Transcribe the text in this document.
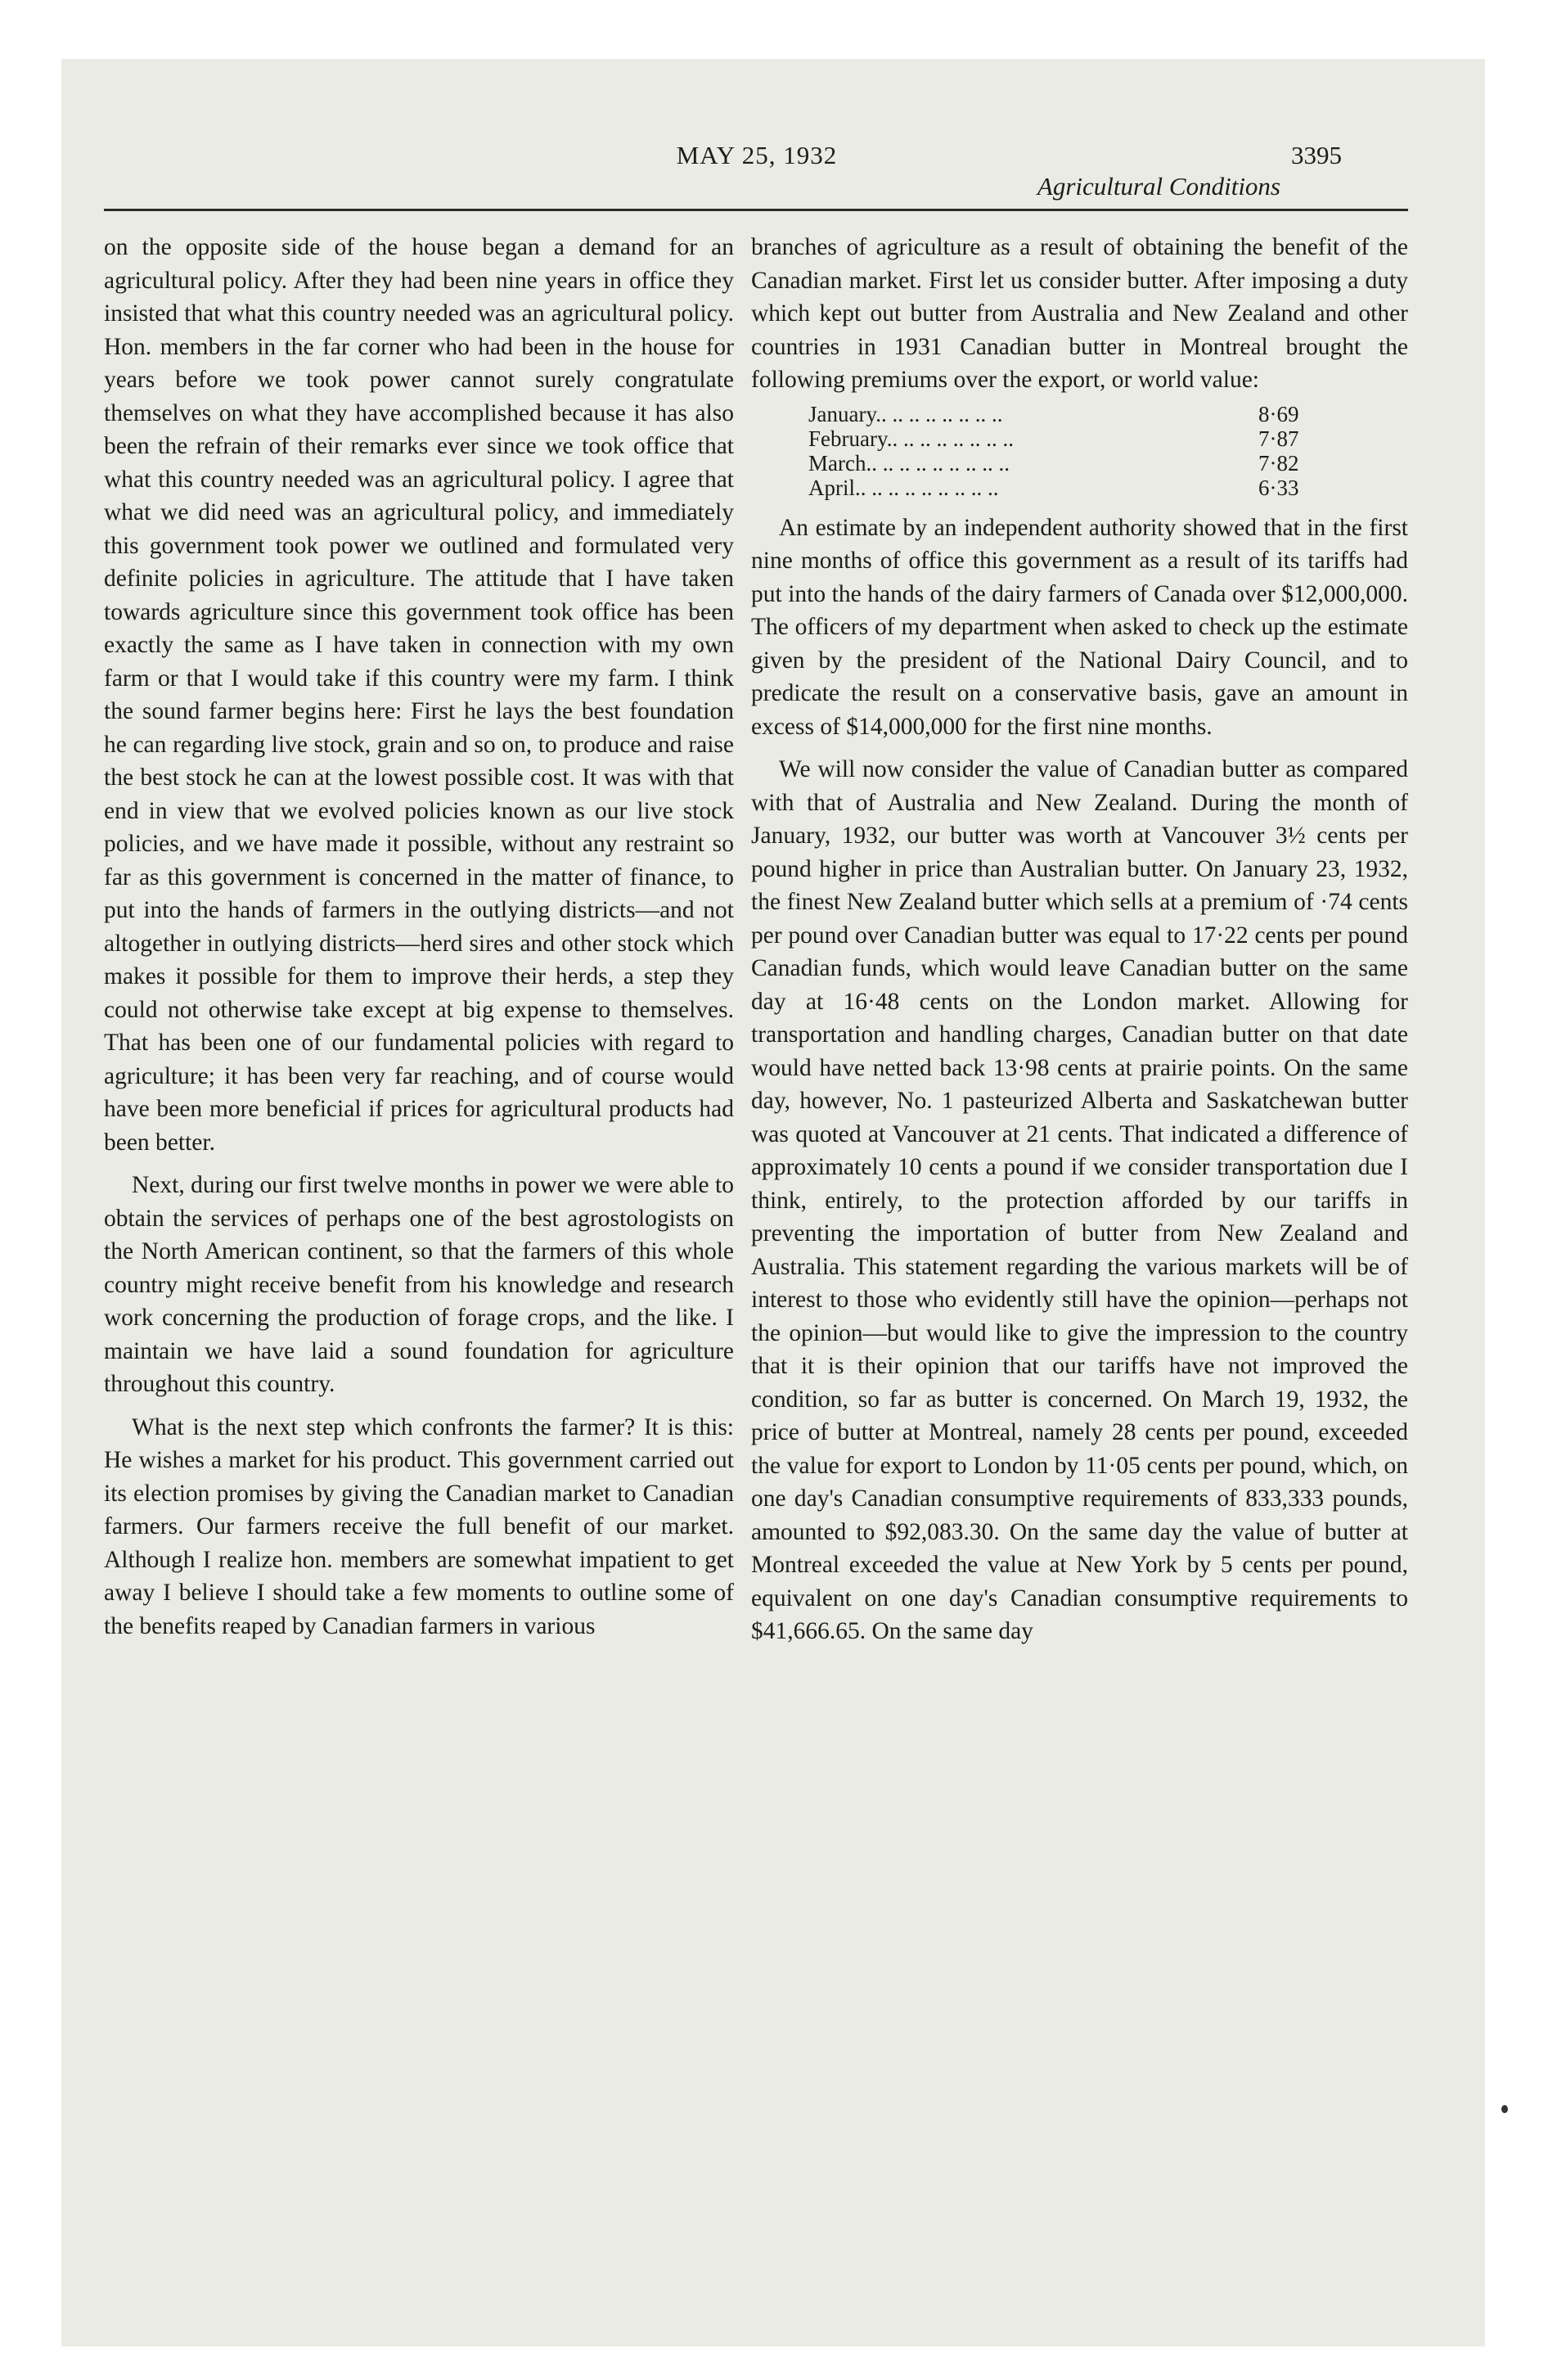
MAY 25, 1932
Agricultural Conditions
3395

on the opposite side of the house began a demand for an agricultural policy. After they had been nine years in office they insisted that what this country needed was an agricultural policy. Hon. members in the far corner who had been in the house for years before we took power cannot surely congratulate themselves on what they have accomplished because it has also been the refrain of their remarks ever since we took office that what this country needed was an agricultural policy. I agree that what we did need was an agricultural policy, and immediately this government took power we outlined and formulated very definite policies in agriculture. The attitude that I have taken towards agriculture since this government took office has been exactly the same as I have taken in connection with my own farm or that I would take if this country were my farm. I think the sound farmer begins here: First he lays the best foundation he can regarding live stock, grain and so on, to produce and raise the best stock he can at the lowest possible cost. It was with that end in view that we evolved policies known as our live stock policies, and we have made it possible, without any restraint so far as this government is concerned in the matter of finance, to put into the hands of farmers in the outlying districts—and not altogether in outlying districts—herd sires and other stock which makes it possible for them to improve their herds, a step they could not otherwise take except at big expense to themselves. That has been one of our fundamental policies with regard to agriculture; it has been very far reaching, and of course would have been more beneficial if prices for agricultural products had been better.

Next, during our first twelve months in power we were able to obtain the services of perhaps one of the best agrostologists on the North American continent, so that the farmers of this whole country might receive benefit from his knowledge and research work concerning the production of forage crops, and the like. I maintain we have laid a sound foundation for agriculture throughout this country.

What is the next step which confronts the farmer? It is this: He wishes a market for his product. This government carried out its election promises by giving the Canadian market to Canadian farmers. Our farmers receive the full benefit of our market. Although I realize hon. members are somewhat impatient to get away I believe I should take a few moments to outline some of the benefits reaped by Canadian farmers in various

branches of agriculture as a result of obtaining the benefit of the Canadian market. First let us consider butter. After imposing a duty which kept out butter from Australia and New Zealand and other countries in 1931 Canadian butter in Montreal brought the following premiums over the export, or world value:

January.. .. .. .. .. .. .. ..	8·69
February.. .. .. .. .. .. .. ..	7·87
March.. .. .. .. .. .. .. .. ..	7·82
April.. .. .. .. .. .. .. .. ..	6·33

An estimate by an independent authority showed that in the first nine months of office this government as a result of its tariffs had put into the hands of the dairy farmers of Canada over $12,000,000. The officers of my department when asked to check up the estimate given by the president of the National Dairy Council, and to predicate the result on a conservative basis, gave an amount in excess of $14,000,000 for the first nine months.

We will now consider the value of Canadian butter as compared with that of Australia and New Zealand. During the month of January, 1932, our butter was worth at Vancouver 3½ cents per pound higher in price than Australian butter. On January 23, 1932, the finest New Zealand butter which sells at a premium of ·74 cents per pound over Canadian butter was equal to 17·22 cents per pound Canadian funds, which would leave Canadian butter on the same day at 16·48 cents on the London market. Allowing for transportation and handling charges, Canadian butter on that date would have netted back 13·98 cents at prairie points. On the same day, however, No. 1 pasteurized Alberta and Saskatchewan butter was quoted at Vancouver at 21 cents. That indicated a difference of approximately 10 cents a pound if we consider transportation due I think, entirely, to the protection afforded by our tariffs in preventing the importation of butter from New Zealand and Australia. This statement regarding the various markets will be of interest to those who evidently still have the opinion—perhaps not the opinion—but would like to give the impression to the country that it is their opinion that our tariffs have not improved the condition, so far as butter is concerned. On March 19, 1932, the price of butter at Montreal, namely 28 cents per pound, exceeded the value for export to London by 11·05 cents per pound, which, on one day's Canadian consumptive requirements of 833,333 pounds, amounted to $92,083.30. On the same day the value of butter at Montreal exceeded the value at New York by 5 cents per pound, equivalent on one day's Canadian consumptive requirements to $41,666.65. On the same day
